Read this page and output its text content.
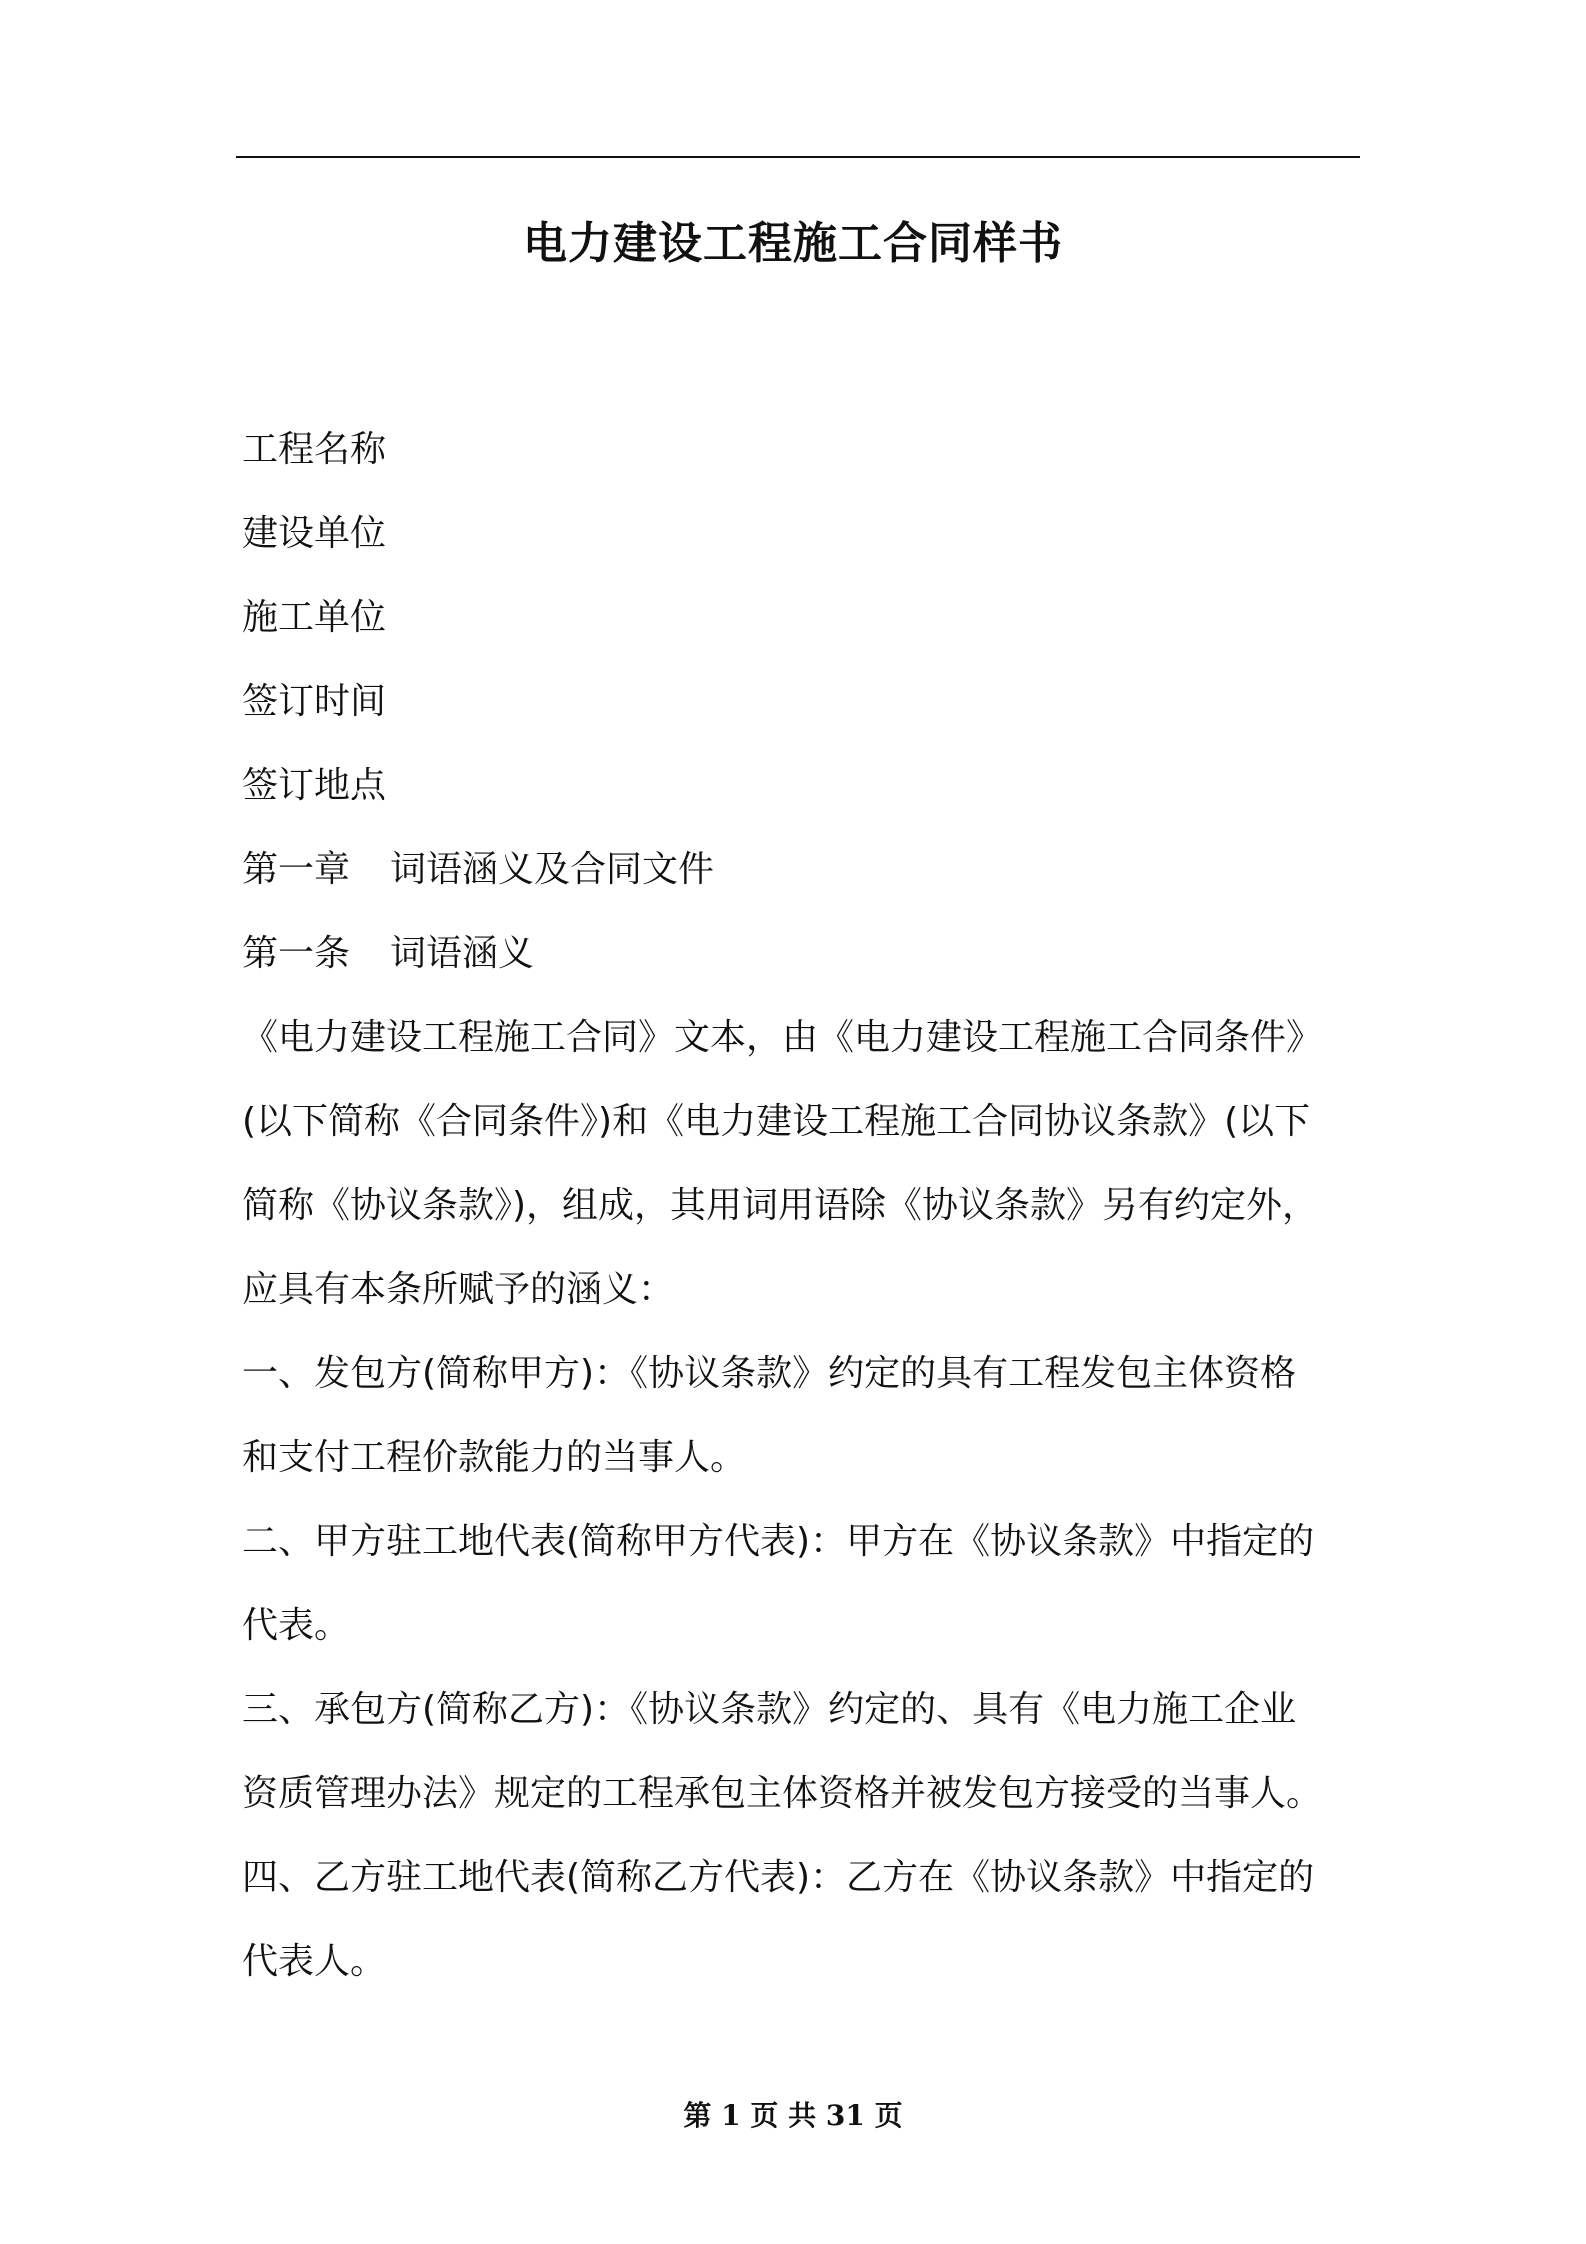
电力建设工程施工合同样书
工程名称
建设单位
施工单位
签订时间
签订地点
第一章 词语涵义及合同文件
第一条 词语涵义
《电力建设工程施工合同》文本，由《电力建设工程施工合同条件》
(以下简称《合同条件》)和《电力建设工程施工合同协议条款》(以下
简称《协议条款》)，组成，其用词用语除《协议条款》另有约定外，
应具有本条所赋予的涵义：
一、发包方(简称甲方)：《协议条款》约定的具有工程发包主体资格
和支付工程价款能力的当事人。
二、甲方驻工地代表(简称甲方代表)：甲方在《协议条款》中指定的
代表。
三、承包方(简称乙方)：《协议条款》约定的、具有《电力施工企业
资质管理办法》规定的工程承包主体资格并被发包方接受的当事人。
四、乙方驻工地代表(简称乙方代表)：乙方在《协议条款》中指定的
代表人。
第 1 页 共 31 页
